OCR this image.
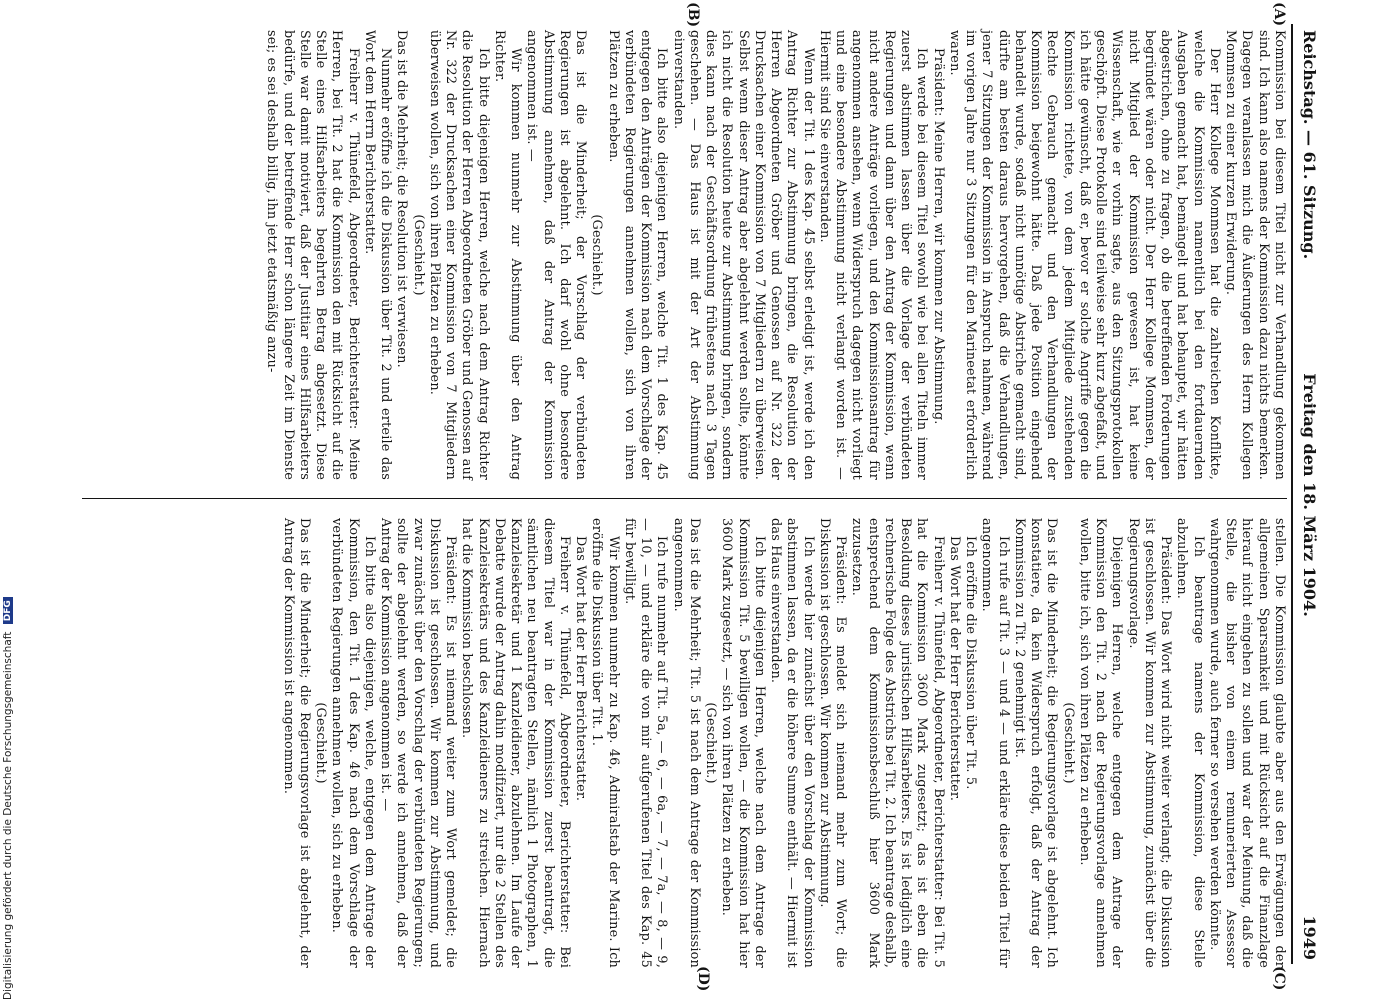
Reichstag. — 61. Sitzung.
Freitag den 18. März 1904.
1949

Kommission bei diesem Titel nicht zur Verhandlung gekommen sind. Ich kann also namens der Kommission dazu nichts bemerken. Dagegen veranlassen mich die Äußerungen des Herrn Kollegen Mommsen zu einer kurzen Erwiderung.

Der Herr Kollege Mommsen hat die zahlreichen Konflikte, welche die Kommission namentlich bei den fortdauernden Ausgaben gemacht hat, bemängelt und hat behauptet, wir hätten abgestrichen, ohne zu fragen, ob die betreffenden Forderungen begründet wären oder nicht. Der Herr Kollege Mommsen, der nicht Mitglied der Kommission gewesen ist, hat keine Wissenschaft, wie er vorhin sagte, aus den Sitzungsprotokollen geschöpft. Diese Protokolle sind teilweise sehr kurz abgefaßt, und ich hätte gewünscht, daß er, bevor er solche Angriffe gegen die Kommission richtete, von dem jedem Mitgliede zustehenden Rechte Gebrauch gemacht und den Verhandlungen der Kommission beigewohnt hätte. Daß jede Position eingehend behandelt wurde, sodaß nicht unnötige Abstriche gemacht sind, dürfte am besten daraus hervorgehen, daß die Verhandlungen, jener 7 Sitzungen der Kommission in Anspruch nahmen, während im vorigen Jahre nur 3 Sitzungen für den Marineetat erforderlich waren.

Präsident: Meine Herren, wir kommen zur Abstimmung.

Ich werde bei diesem Titel sowohl wie bei allen Titeln immer zuerst abstimmen lassen über die Vorlage der verbündeten Regierungen und dann über den Antrag der Kommission, wenn nicht andere Anträge vorliegen, und den Kommissionsantrag für angenommen ansehen, wenn Widerspruch dagegen nicht vorliegt und eine besondere Abstimmung nicht verlangt worden ist. — Hiermit sind Sie einverstanden.

Wenn der Tit. 1 des Kap. 45 selbst erledigt ist, werde ich den Antrag Richter zur Abstimmung bringen, die Resolution der Herren Abgeordneten Gröber und Genossen auf Nr. 322 der Drucksachen einer Kommission von 7 Mitgliedern zu überweisen. Selbst wenn dieser Antrag aber abgelehnt werden sollte, könnte ich nicht die Resolution heute zur Abstimmung bringen, sondern dies kann nach der Geschäftsordnung frühestens nach 3 Tagen geschehen. — Das Haus ist mit der Art der Abstimmung einverstanden.

Ich bitte also diejenigen Herren, welche Tit. 1 des Kap. 45 entgegen den Anträgen der Kommission nach dem Vorschlage der verbündeten Regierungen annehmen wollen, sich von ihren Plätzen zu erheben.

(Geschieht.)

Das ist die Minderheit; der Vorschlag der verbündeten Regierungen ist abgelehnt. Ich darf wohl ohne besondere Abstimmung annehmen, daß der Antrag der Kommission angenommen ist. —

Wir kommen nunmehr zur Abstimmung über den Antrag Richter.

Ich bitte diejenigen Herren, welche nach dem Antrag Richter die Resolution der Herren Abgeordneten Gröber und Genossen auf Nr. 322 der Drucksachen einer Kommission von 7 Mitgliedern überweisen wollen, sich von ihren Plätzen zu erheben.

(Geschieht.)

Das ist die Mehrheit; die Resolution ist verwiesen.

Nunmehr eröffne ich die Diskussion über Tit. 2 und erteile das Wort dem Herrn Berichterstatter.

Freiherr v. Thünefeld, Abgeordneter, Berichterstatter: Meine Herren, bei Tit. 2 hat die Kommission den mit Rücksicht auf die Stelle eines Hilfsarbeiters begehrten Betrag abgesetzt. Diese Stelle war damit motiviert, daß der Justitiar eines Hilfsarbeiters bedürfe, und der betreffende Herr schon längere Zeit im Dienste sei; es sei deshalb billig, ihn jetzt etatsmäßig anzu-

stellen. Die Kommission glaubte aber aus den Erwägungen der allgemeinen Sparsamkeit und mit Rücksicht auf die Finanzlage hierauf nicht eingehen zu sollen und war der Meinung, daß die Stelle, die bisher von einem remunerierten Assessor wahrgenommen wurde, auch ferner so versehen werden könnte.

Ich beantrage namens der Kommission, diese Stelle abzulehnen.

Präsident: Das Wort wird nicht weiter verlangt; die Diskussion ist geschlossen. Wir kommen zur Abstimmung, zunächst über die Regierungsvorlage.

Diejenigen Herren, welche entgegen dem Antrage der Kommission den Tit. 2 nach der Regierungsvorlage annehmen wollen, bitte ich, sich von ihren Plätzen zu erheben.

(Geschieht.)

Das ist die Minderheit; die Regierungsvorlage ist abgelehnt. Ich konstatiere, da kein Widerspruch erfolgt, daß der Antrag der Kommission zu Tit. 2 genehmigt ist.

Ich rufe auf Tit. 3 — und 4 — und erkläre diese beiden Titel für angenommen.

Ich eröffne die Diskussion über Tit. 5.

Das Wort hat der Herr Berichterstatter.

Freiherr v. Thünefeld, Abgeordneter, Berichterstatter: Bei Tit. 5 hat die Kommission 3600 Mark zugesetzt; das ist eben die Besoldung dieses juristischen Hilfsarbeiters. Es ist lediglich eine rechnerische Folge des Abstrichs bei Tit. 2. Ich beantrage deshalb, entsprechend dem Kommissionsbeschluß hier 3600 Mark zuzusetzen.

Präsident: Es meldet sich niemand mehr zum Wort; die Diskussion ist geschlossen. Wir kommen zur Abstimmung.

Ich werde hier zunächst über den Vorschlag der Kommission abstimmen lassen, da er die höhere Summe enthält. — Hiermit ist das Haus einverstanden.

Ich bitte diejenigen Herren, welche nach dem Antrage der Kommission Tit. 5 bewilligen wollen, — die Kommission hat hier 3600 Mark zugesetzt, — sich von ihren Plätzen zu erheben.

(Geschieht.)

Das ist die Mehrheit; Tit. 5 ist nach dem Antrage der Kommission angenommen.

Ich rufe nunmehr auf Tit. 5a, — 6, — 6a, — 7, — 7a, — 8, — 9, — 10, — und erkläre die von mir aufgerufenen Titel des Kap. 45 für bewilligt.

Wir kommen nunmehr zu Kap. 46, Admiralstab der Marine. Ich eröffne die Diskussion über Tit. 1.

Das Wort hat der Herr Berichterstatter.

Freiherr v. Thünefeld, Abgeordneter, Berichterstatter: Bei diesem Titel war in der Kommission zuerst beantragt, die sämtlichen neu beantragten Stellen, nämlich 1 Photographen, 1 Kanzleisekretär und 1 Kanzleidiener, abzulehnen. Im Laufe der Debatte wurde der Antrag dahin modifiziert, nur die 2 Stellen des Kanzleisekretärs und des Kanzleidieners zu streichen. Hiernach hat die Kommission beschlossen.

Präsident: Es ist niemand weiter zum Wort gemeldet; die Diskussion ist geschlossen. Wir kommen zur Abstimmung, und zwar zunächst über den Vorschlag der verbündeten Regierungen; sollte der abgelehnt werden, so werde ich annehmen, daß der Antrag der Kommission angenommen ist. —

Ich bitte also diejenigen, welche, entgegen dem Antrage der Kommission, den Tit. 1 des Kap. 46 nach dem Vorschlage der verbündeten Regierungen annehmen wollen, sich zu erheben.

(Geschieht.)

Das ist die Minderheit; die Regierungsvorlage ist abgelehnt, der Antrag der Kommission ist angenommen.

(A)
(B)
(C)
(D)
Digitalisierung gefördert durch die Deutsche Forschungsgemeinschaft DFG
